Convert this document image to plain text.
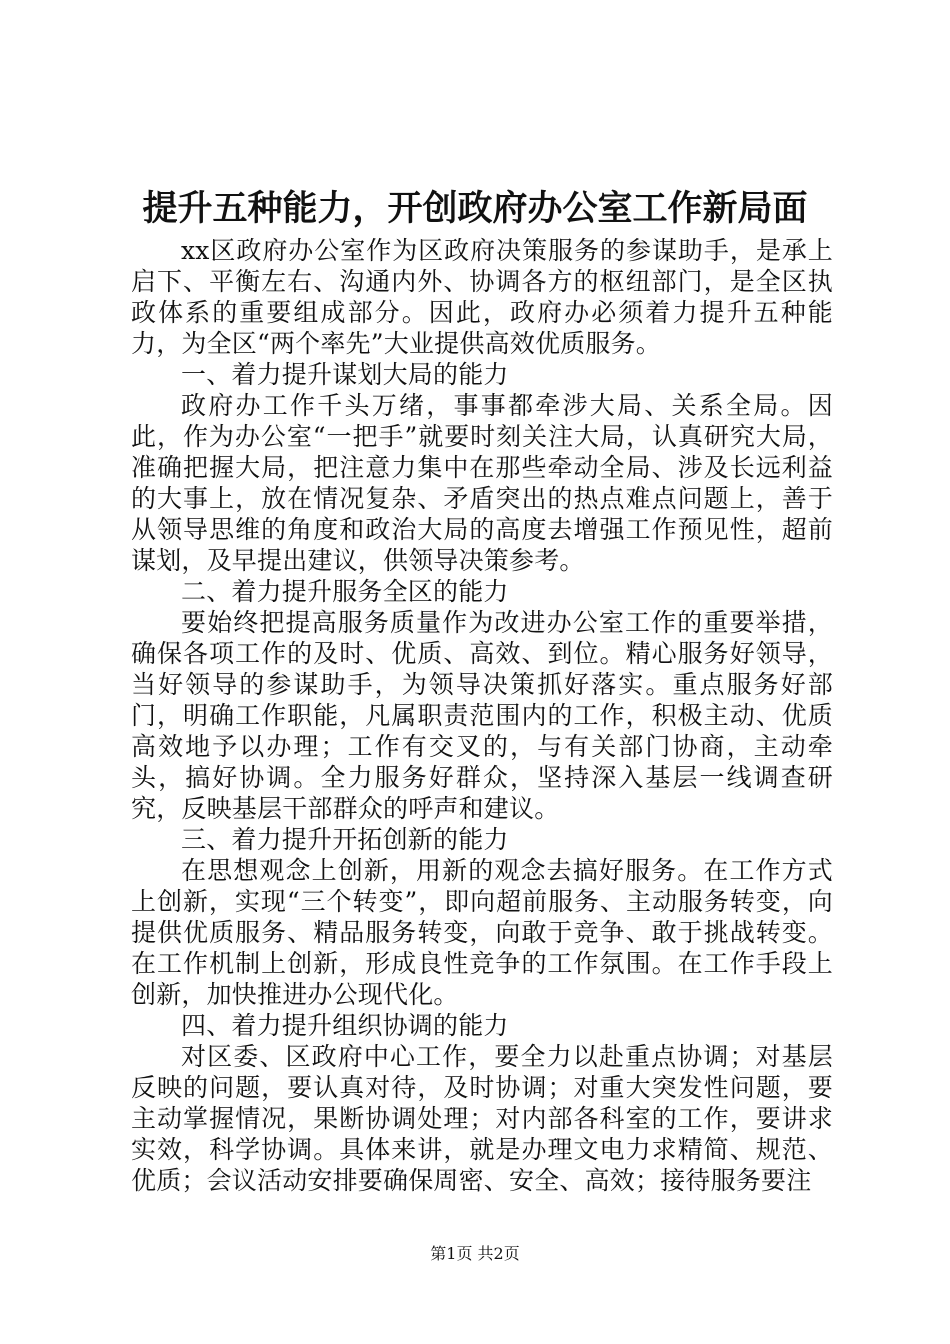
提升五种能力，开创政府办公室工作新局面

xx区政府办公室作为区政府决策服务的参谋助手，是承上启下、平衡左右、沟通内外、协调各方的枢纽部门，是全区执政体系的重要组成部分。因此，政府办必须着力提升五种能力，为全区“两个率先”大业提供高效优质服务。

一、着力提升谋划大局的能力

政府办工作千头万绪，事事都牵涉大局、关系全局。因此，作为办公室“一把手”就要时刻关注大局，认真研究大局，准确把握大局，把注意力集中在那些牵动全局、涉及长远利益的大事上，放在情况复杂、矛盾突出的热点难点问题上，善于从领导思维的角度和政治大局的高度去增强工作预见性，超前谋划，及早提出建议，供领导决策参考。

二、着力提升服务全区的能力

要始终把提高服务质量作为改进办公室工作的重要举措，确保各项工作的及时、优质、高效、到位。精心服务好领导，当好领导的参谋助手，为领导决策抓好落实。重点服务好部门，明确工作职能，凡属职责范围内的工作，积极主动、优质高效地予以办理；工作有交叉的，与有关部门协商，主动牵头，搞好协调。全力服务好群众，坚持深入基层一线调查研究，反映基层干部群众的呼声和建议。

三、着力提升开拓创新的能力

在思想观念上创新，用新的观念去搞好服务。在工作方式上创新，实现“三个转变”，即向超前服务、主动服务转变，向提供优质服务、精品服务转变，向敢于竞争、敢于挑战转变。在工作机制上创新，形成良性竞争的工作氛围。在工作手段上创新，加快推进办公现代化。

四、着力提升组织协调的能力

对区委、区政府中心工作，要全力以赴重点协调；对基层反映的问题，要认真对待，及时协调；对重大突发性问题，要主动掌握情况，果断协调处理；对内部各科室的工作，要讲求实效，科学协调。具体来讲，就是办理文电力求精简、规范、优质；会议活动安排要确保周密、安全、高效；接待服务要注

第1页 共2页
